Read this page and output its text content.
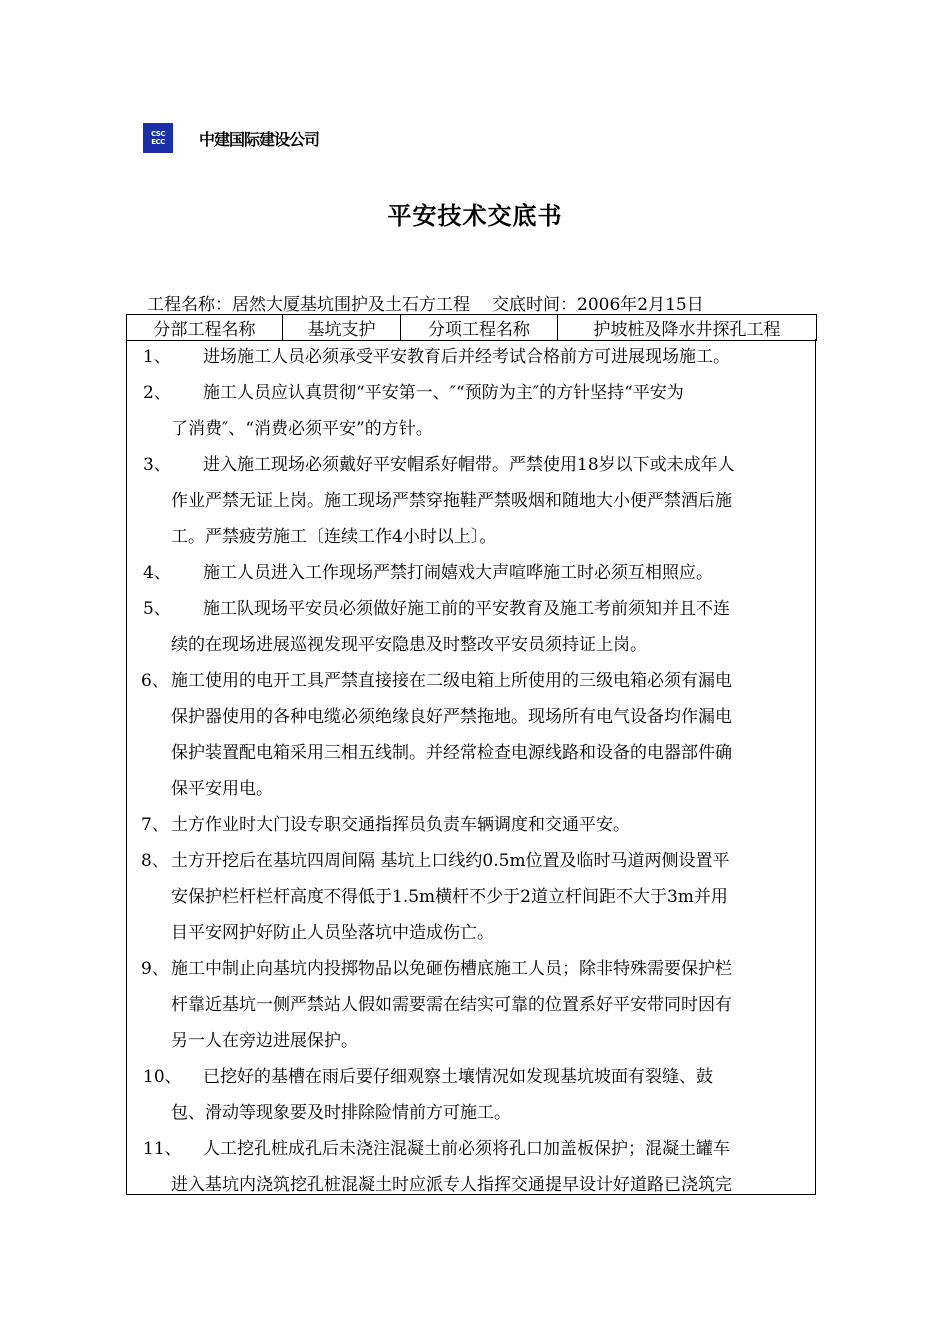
CSC
ECC 中建国际建设公司
平安技术交底书
工程名称：居然大厦基坑围护及土石方工程 交底时间：2006年2月15日
分部工程名称	基坑支护	分项工程名称	护坡桩及降水井探孔工程
1、	进场施工人员必须承受平安教育后并经考试合格前方可进展现场施工。
2、	施工人员应认真贯彻“平安第一、″“预防为主″的方针坚持“平安为
了消费″、“消费必须平安”的方针。
3、	进入施工现场必须戴好平安帽系好帽带。严禁使用18岁以下或未成年人
作业严禁无证上岗。施工现场严禁穿拖鞋严禁吸烟和随地大小便严禁酒后施
工。严禁疲劳施工〔连续工作4小时以上〕。
4、	施工人员进入工作现场严禁打闹嬉戏大声喧哗施工时必须互相照应。
5、	施工队现场平安员必须做好施工前的平安教育及施工考前须知并且不连
续的在现场进展巡视发现平安隐患及时整改平安员须持证上岗。
6、 施工使用的电开工具严禁直接接在二级电箱上所使用的三级电箱必须有漏电
保护器使用的各种电缆必须绝缘良好严禁拖地。现场所有电气设备均作漏电
保护装置配电箱采用三相五线制。并经常检查电源线路和设备的电器部件确
保平安用电。
7、 土方作业时大门设专职交通指挥员负责车辆调度和交通平安。
8、 土方开挖后在基坑四周间隔 基坑上口线约0.5m位置及临时马道两侧设置平
安保护栏杆栏杆高度不得低于1.5m横杆不少于2道立杆间距不大于3m并用
目平安网护好防止人员坠落坑中造成伤亡。
9、 施工中制止向基坑内投掷物品以免砸伤槽底施工人员；除非特殊需要保护栏
杆靠近基坑一侧严禁站人假如需要需在结实可靠的位置系好平安带同时因有
另一人在旁边进展保护。
10、	已挖好的基槽在雨后要仔细观察土壤情况如发现基坑坡面有裂缝、鼓
包、滑动等现象要及时排除险情前方可施工。
11、	人工挖孔桩成孔后未浇注混凝土前必须将孔口加盖板保护；混凝土罐车
进入基坑内浇筑挖孔桩混凝土时应派专人指挥交通提早设计好道路已浇筑完
